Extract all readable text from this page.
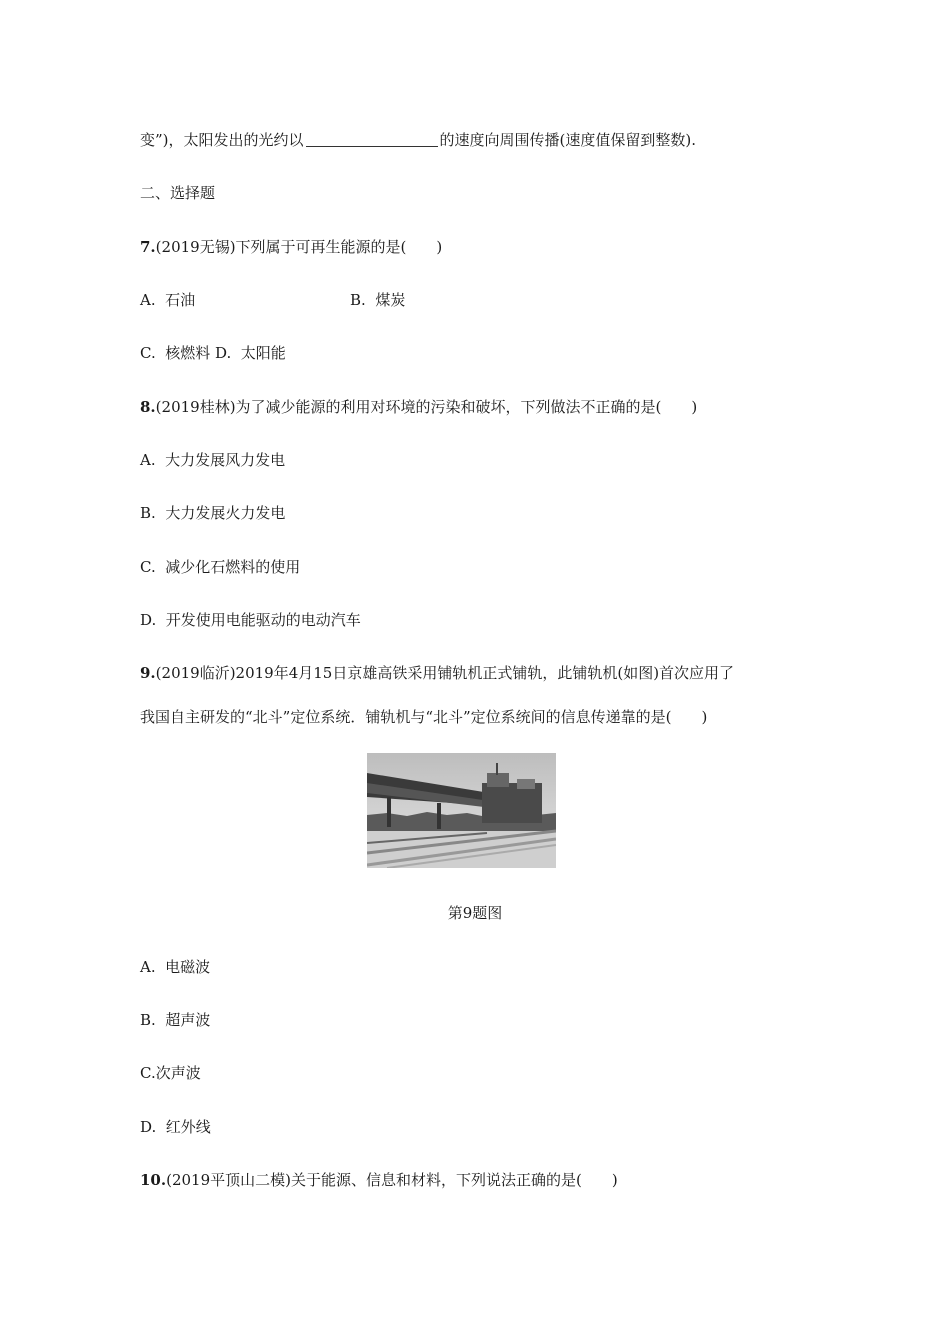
变”)，太阳发出的光约以	的速度向周围传播(速度值保留到整数).
二、选择题
7.(2019无锡)下列属于可再生能源的是(　　)
A.  石油	B.  煤炭
C.  核燃料 D.  太阳能
8.(2019桂林)为了减少能源的利用对环境的污染和破坏，下列做法不正确的是(　　)
A.  大力发展风力发电
B.  大力发展火力发电
C.  减少化石燃料的使用
D.  开发使用电能驱动的电动汽车
9.(2019临沂)2019年4月15日京雄高铁采用铺轨机正式铺轨，此铺轨机(如图)首次应用了
我国自主研发的“北斗”定位系统．铺轨机与“北斗”定位系统间的信息传递靠的是(　　)
第9题图
A.  电磁波
B.  超声波
C.次声波
D.  红外线
10.(2019平顶山二模)关于能源、信息和材料，下列说法正确的是(　　)
